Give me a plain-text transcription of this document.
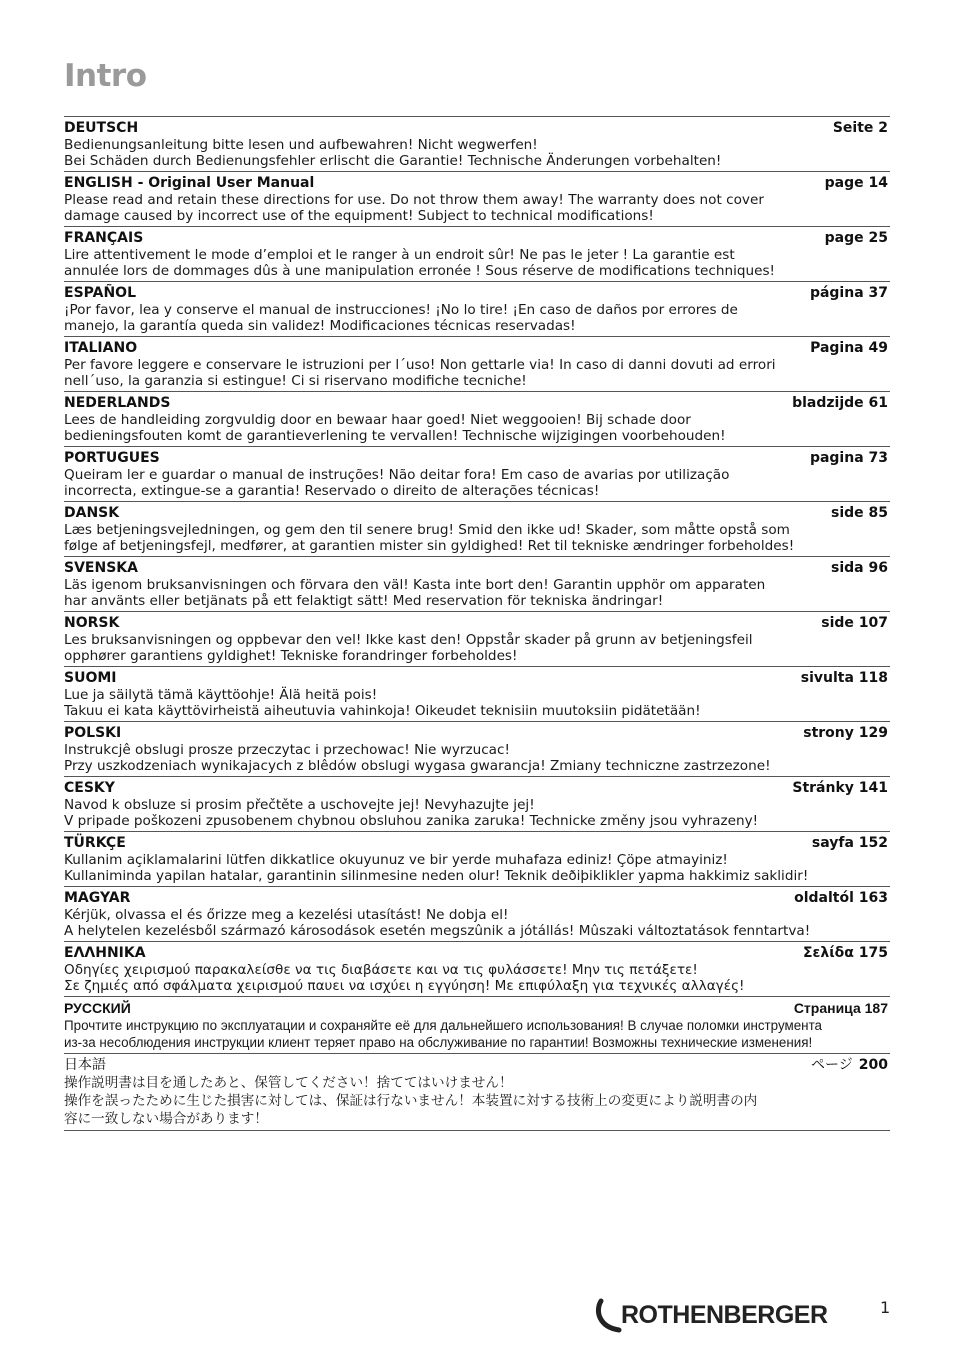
Intro
DEUTSCH	Seite 2
Bedienungsanleitung bitte lesen und aufbewahren! Nicht wegwerfen!
Bei Schäden durch Bedienungsfehler erlischt die Garantie! Technische Änderungen vorbehalten!
ENGLISH - Original User Manual	page 14
Please read and retain these directions for use. Do not throw them away! The warranty does not cover
damage caused by incorrect use of the equipment! Subject to technical modifications!
FRANÇAIS	page 25
Lire attentivement le mode d’emploi et le ranger à un endroit sûr! Ne pas le jeter ! La garantie est
annulée lors de dommages dûs à une manipulation erronée ! Sous réserve de modifications techniques!
ESPAÑOL	página 37
¡Por favor, lea y conserve el manual de instrucciones! ¡No lo tire! ¡En caso de daños por errores de
manejo, la garantía queda sin validez! Modificaciones técnicas reservadas!
ITALIANO	Pagina 49
Per favore leggere e conservare le istruzioni per l´uso! Non gettarle via! In caso di danni dovuti ad errori
nell´uso, la garanzia si estingue! Ci si riservano modifiche tecniche!
NEDERLANDS	bladzijde 61
Lees de handleiding zorgvuldig door en bewaar haar goed! Niet weggooien! Bij schade door
bedieningsfouten komt de garantieverlening te vervallen! Technische wijzigingen voorbehouden!
PORTUGUES	pagina 73
Queiram ler e guardar o manual de instruções! Não deitar fora! Em caso de avarias por utilização
incorrecta, extingue-se a garantia! Reservado o direito de alterações técnicas!
DANSK	side 85
Læs betjeningsvejledningen, og gem den til senere brug! Smid den ikke ud! Skader, som måtte opstå som
følge af betjeningsfejl, medfører, at garantien mister sin gyldighed! Ret til tekniske ændringer forbeholdes!
SVENSKA	sida 96
Läs igenom bruksanvisningen och förvara den väl! Kasta inte bort den! Garantin upphör om apparaten
har använts eller betjänats på ett felaktigt sätt! Med reservation för tekniska ändringar!
NORSK	side 107
Les bruksanvisningen og oppbevar den vel! Ikke kast den! Oppstår skader på grunn av betjeningsfeil
opphører garantiens gyldighet! Tekniske forandringer forbeholdes!
SUOMI	sivulta 118
Lue ja säilytä tämä käyttöohje! Älä heitä pois!
Takuu ei kata käyttövirheistä aiheutuvia vahinkoja! Oikeudet teknisiin muutoksiin pidätetään!
POLSKI	strony 129
Instrukcjê obslugi prosze przeczytac i przechowac! Nie wyrzucac!
Przy uszkodzeniach wynikajacych z blêdów obslugi wygasa gwarancja! Zmiany techniczne zastrzezone!
CESKY	Stránky 141
Navod k obsluze si prosim přečtěte a uschovejte jej! Nevyhazujte jej!
V pripade poškozeni zpusobenem chybnou obsluhou zanika zaruka! Technicke změny jsou vyhrazeny!
TÜRKÇE	sayfa 152
Kullanim açiklamalarini lütfen dikkatlice okuyunuz ve bir yerde muhafaza ediniz! Çöpe atmayiniz!
Kullaniminda yapilan hatalar, garantinin silinmesine neden olur! Teknik deðiþiklikler yapma hakkimiz saklidir!
MAGYAR	oldaltól 163
Kérjük, olvassa el és őrizze meg a kezelési utasítást! Ne dobja el!
A helytelen kezelésből származó károsodások esetén megszûnik a jótállás! Mûszaki változtatások fenntartva!
ΕΛΛΗΝΙΚΑ	Σελίδα 175
Οδηγίες χειρισμού παρακαλείσθε να τις διαβάσετε και να τις φυλάσσετε! Μην τις πετάξετε!
Σε ζημιές από σφάλματα χειρισμού παυει να ισχύει η εγγύηση! Με επιφύλαξη για τεχνικές αλλαγές!
РУССКИЙ	Страница 187
Прочтите инструкцию по эксплуатации и сохраняйте её для дальнейшего использования! В случае поломки инструмента
из-за несоблюдения инструкции клиент теряет право на обслуживание по гарантии! Возможны технические изменения!
日本語	ページ 200
操作説明書は目を通したあと、保管してください！捨ててはいけません！
操作を誤ったために生じた損害に対しては、保証は行ないません！本装置に対する技術上の変更により説明書の内
容に一致しない場合があります！
ROTHENBERGER	1
